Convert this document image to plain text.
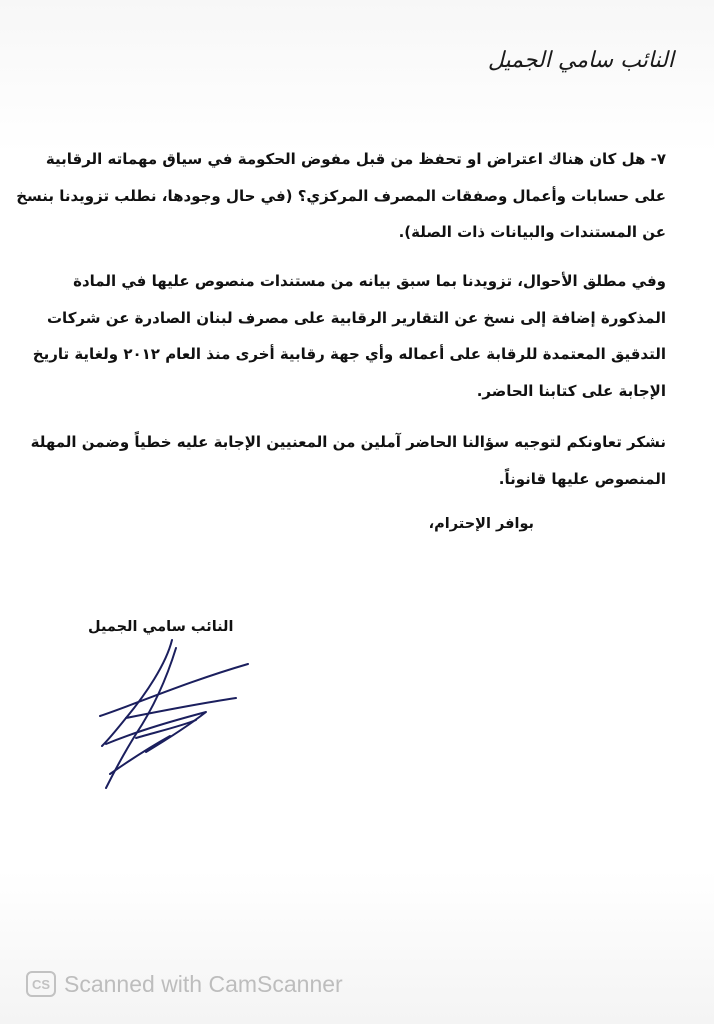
النائب سامي الجميل

٧- هل كان هناك اعتراض او تحفظ من قبل مفوض الحكومة في سياق مهماته الرقابية

على حسابات وأعمال وصفقات المصرف المركزي؟ (في حال وجودها، نطلب تزويدنا بنسخ

عن المستندات والبيانات ذات الصلة).

وفي مطلق الأحوال، تزويدنا بما سبق بيانه من مستندات منصوص عليها في المادة

المذكورة إضافة إلى نسخ عن التقارير الرقابية على مصرف لبنان الصادرة عن شركات

التدقيق المعتمدة للرقابة على أعماله وأي جهة رقابية أخرى منذ العام ٢٠١٢ ولغاية تاريخ

الإجابة على كتابنا الحاضر.

نشكر تعاونكم لتوجيه سؤالنا الحاضر آملين من المعنيين الإجابة عليه خطياً وضمن المهلة

المنصوص عليها قانوناً.

بوافر الإحترام،
النائب سامي الجميل
CS Scanned with CamScanner
